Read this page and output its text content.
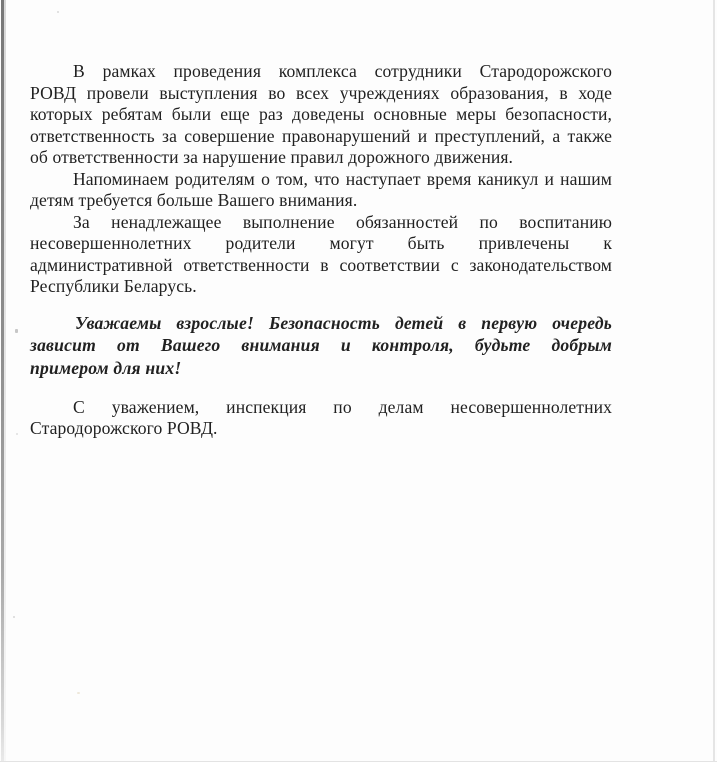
В рамках проведения комплекса сотрудники Стародорожского
РОВД провели выступления во всех учреждениях образования, в ходе
которых ребятам были еще раз доведены основные меры безопасности,
ответственность за совершение правонарушений и преступлений, а также
об ответственности за нарушение правил дорожного движения.

Напоминаем родителям о том, что наступает время каникул и нашим
детям требуется больше Вашего внимания.

За ненадлежащее выполнение обязанностей по воспитанию
несовершеннолетних родители могут быть привлечены к
административной ответственности в соответствии с законодательством
Республики Беларусь.

Уважаемы взрослые! Безопасность детей в первую очередь
зависит от Вашего внимания и контроля, будьте добрым
примером для них!

С уважением, инспекция по делам несовершеннолетних
Стародорожского РОВД.
